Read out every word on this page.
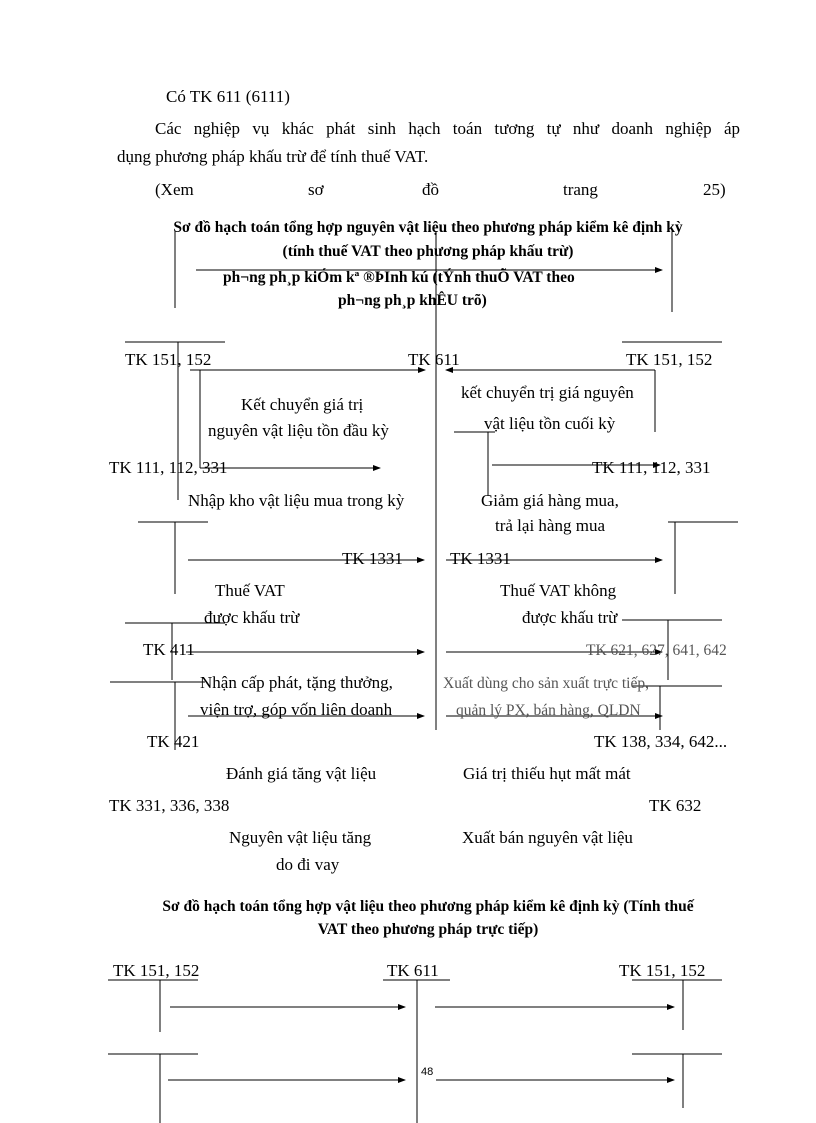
Có TK 611 (6111)
Các nghiệp vụ khác phát sinh hạch toán tương tự như doanh nghiệp áp
dụng phương pháp khấu trừ để tính thuế VAT.
(Xem	sơ	đồ	trang	25)
Sơ đồ hạch toán tổng hợp nguyên vật liệu theo phương pháp kiểm kê định kỳ
(tính thuế VAT theo phương pháp khấu trừ)
ph¬ng ph¸p kiÓm kª ®ÞInh kú (tÝnh thuÕ VAT theo
ph¬ng ph¸p khÊU trõ)
TK 151, 152	TK 611	TK 151, 152
Kết chuyển giá trị
nguyên vật liệu tồn đầu kỳ
kết chuyển trị giá nguyên
vật liệu tồn cuối kỳ
TK 111, 112, 331	TK 111, 112, 331
Nhập kho vật liệu mua trong kỳ	Giảm giá hàng mua,
trả lại hàng mua
TK 1331	TK 1331
Thuế VAT
được khấu trừ
Thuế VAT không
được khấu trừ
TK 411	TK 621, 627, 641, 642
Nhận cấp phát, tặng thưởng,
viện trợ, góp vốn liên doanh
Xuất dùng cho sản xuất trực tiếp,
quản lý PX, bán hàng, QLDN
TK 421	TK 138, 334, 642...
Đánh giá tăng vật liệu	Giá trị thiếu hụt mất mát
TK 331, 336, 338	TK 632
Nguyên vật liệu tăng
do đi vay
Xuất bán nguyên vật liệu
Sơ đồ hạch toán tổng hợp vật liệu theo phương pháp kiểm kê định kỳ (Tính thuế
VAT theo phương pháp trực tiếp)
TK 151, 152	TK 611	TK 151, 152
48
